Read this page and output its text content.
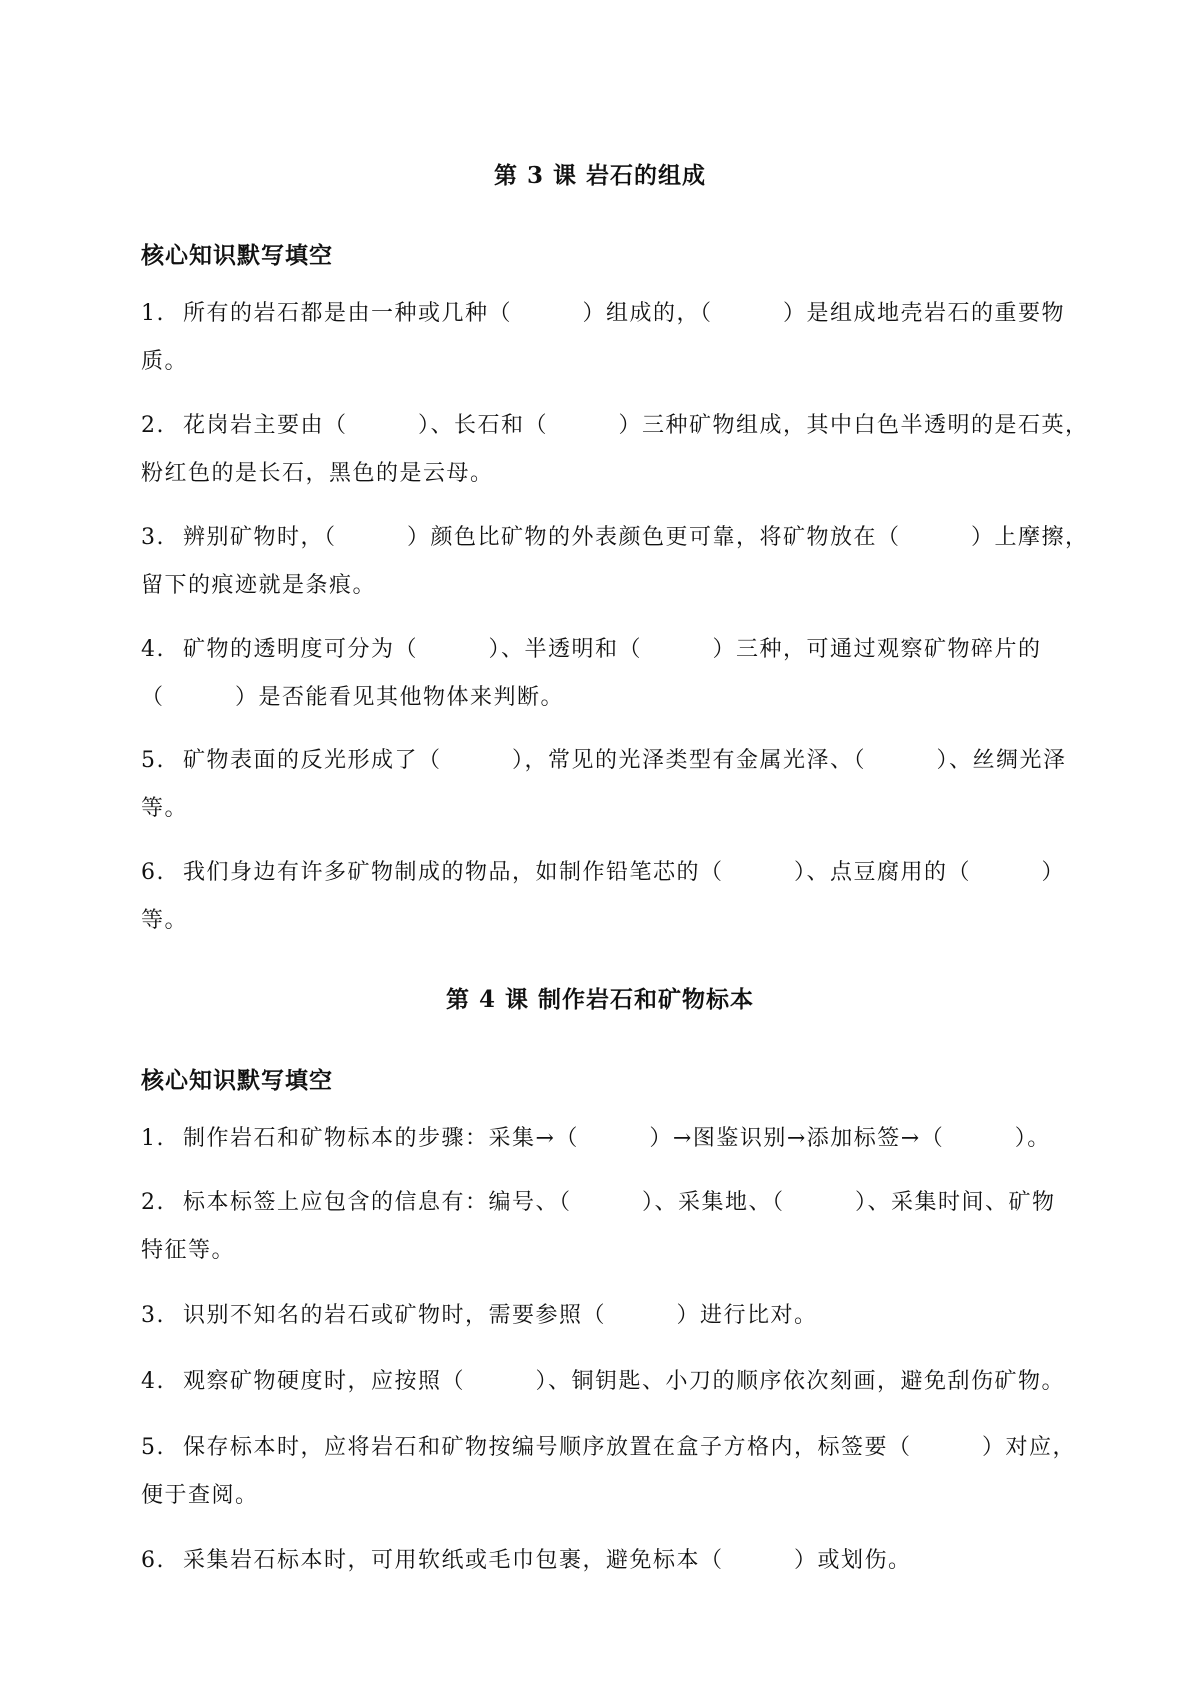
第 3 课 岩石的组成
核心知识默写填空
1. 所有的岩石都是由一种或几种（　　　）组成的，（　　　）是组成地壳岩石的重要物
质。
2. 花岗岩主要由（　　　）、长石和（　　　）三种矿物组成，其中白色半透明的是石英，
粉红色的是长石，黑色的是云母。
3. 辨别矿物时，（　　　）颜色比矿物的外表颜色更可靠，将矿物放在（　　　）上摩擦，
留下的痕迹就是条痕。
4. 矿物的透明度可分为（　　　）、半透明和（　　　）三种，可通过观察矿物碎片的
（　　　）是否能看见其他物体来判断。
5. 矿物表面的反光形成了（　　　），常见的光泽类型有金属光泽、（　　　）、丝绸光泽
等。
6. 我们身边有许多矿物制成的物品，如制作铅笔芯的（　　　）、点豆腐用的（　　　）
等。
第 4 课 制作岩石和矿物标本
核心知识默写填空
1. 制作岩石和矿物标本的步骤：采集→（　　　）→图鉴识别→添加标签→（　　　）。
2. 标本标签上应包含的信息有：编号、（　　　）、采集地、（　　　）、采集时间、矿物
特征等。
3. 识别不知名的岩石或矿物时，需要参照（　　　）进行比对。
4. 观察矿物硬度时，应按照（　　　）、铜钥匙、小刀的顺序依次刻画，避免刮伤矿物。
5. 保存标本时，应将岩石和矿物按编号顺序放置在盒子方格内，标签要（　　　）对应，
便于查阅。
6. 采集岩石标本时，可用软纸或毛巾包裹，避免标本（　　　）或划伤。
